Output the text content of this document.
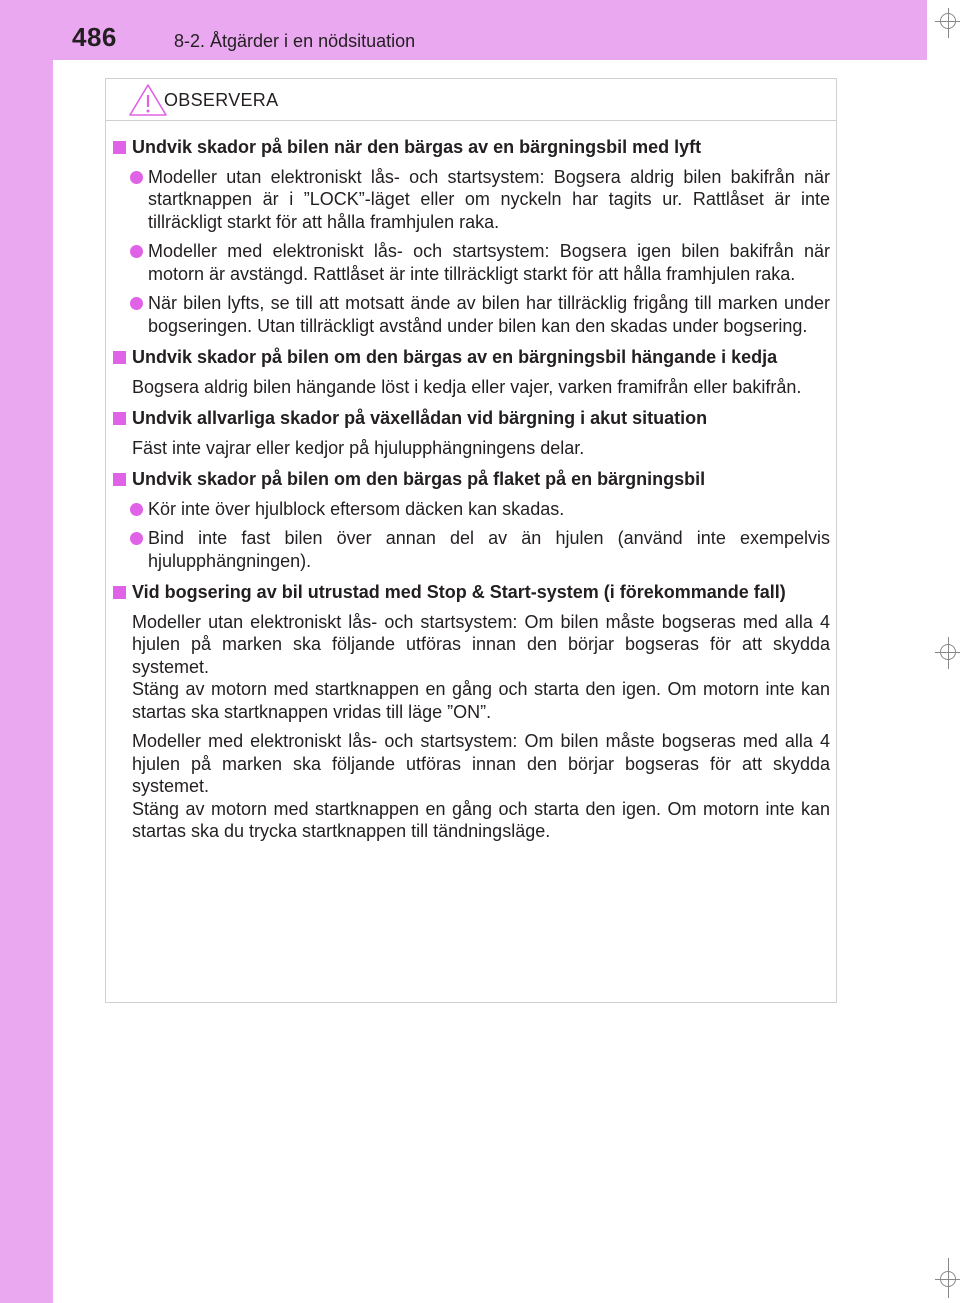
486	8-2. Åtgärder i en nödsituation
OBSERVERA
Undvik skador på bilen när den bärgas av en bärgningsbil med lyft
Modeller utan elektroniskt lås- och startsystem: Bogsera aldrig bilen bakifrån när startknappen är i ”LOCK”-läget eller om nyckeln har tagits ur. Rattlåset är inte tillräckligt starkt för att hålla framhjulen raka.
Modeller med elektroniskt lås- och startsystem: Bogsera igen bilen bakifrån när motorn är avstängd. Rattlåset är inte tillräckligt starkt för att hålla framhjulen raka.
När bilen lyfts, se till att motsatt ände av bilen har tillräcklig frigång till marken under bogseringen. Utan tillräckligt avstånd under bilen kan den skadas under bogsering.
Undvik skador på bilen om den bärgas av en bärgningsbil hängande i kedja
Bogsera aldrig bilen hängande löst i kedja eller vajer, varken framifrån eller bakifrån.
Undvik allvarliga skador på växellådan vid bärgning i akut situation
Fäst inte vajrar eller kedjor på hjulupphängningens delar.
Undvik skador på bilen om den bärgas på flaket på en bärgningsbil
Kör inte över hjulblock eftersom däcken kan skadas.
Bind inte fast bilen över annan del av än hjulen (använd inte exempelvis hjulupphängningen).
Vid bogsering av bil utrustad med Stop & Start-system (i förekommande fall)
Modeller utan elektroniskt lås- och startsystem: Om bilen måste bogseras med alla 4 hjulen på marken ska följande utföras innan den börjar bogseras för att skydda systemet.
Stäng av motorn med startknappen en gång och starta den igen. Om motorn inte kan startas ska startknappen vridas till läge ”ON”.
Modeller med elektroniskt lås- och startsystem: Om bilen måste bogseras med alla 4 hjulen på marken ska följande utföras innan den börjar bogseras för att skydda systemet.
Stäng av motorn med startknappen en gång och starta den igen. Om motorn inte kan startas ska du trycka startknappen till tändningsläge.
